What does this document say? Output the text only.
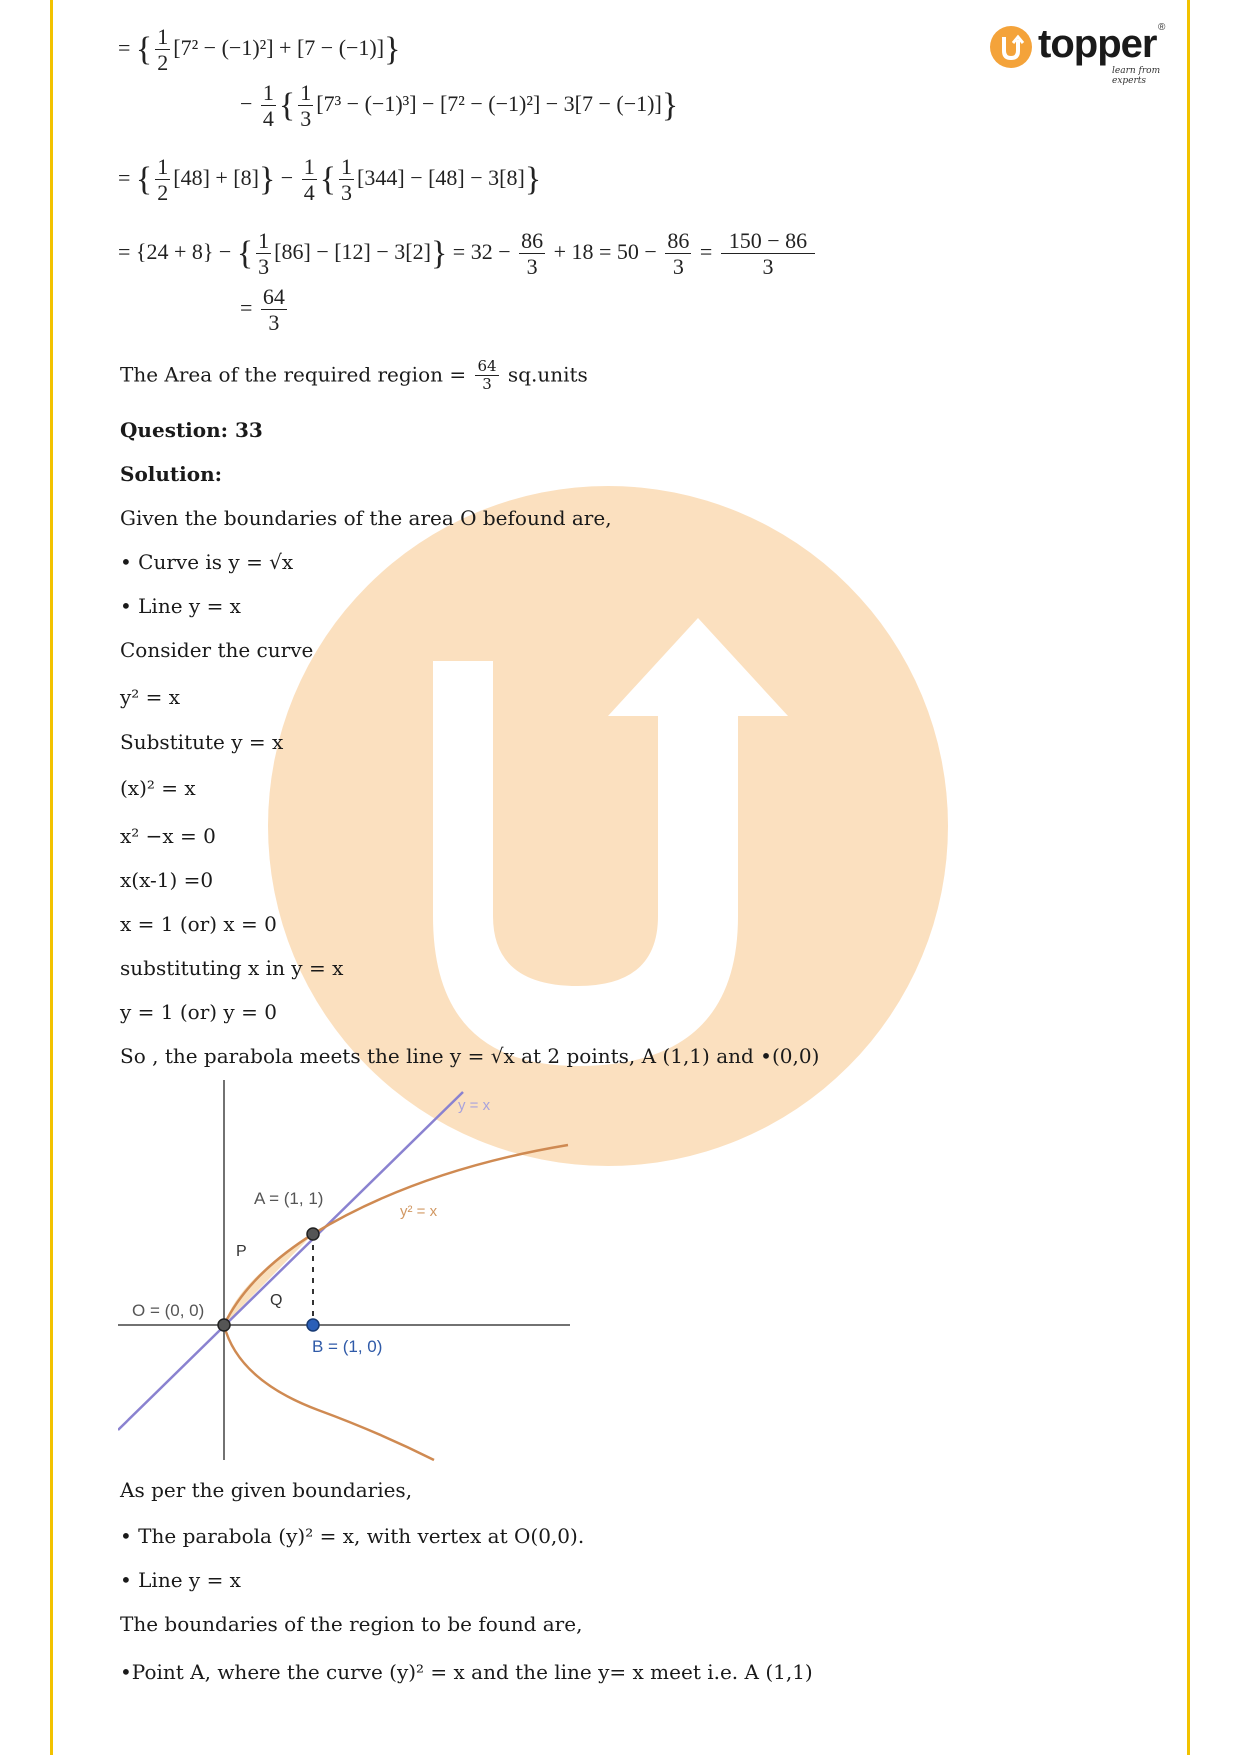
topper
learn from experts
®
= { $\frac{1}{2} [7^2 - (-1)^2] + [7 - (-1)]$}
− $\frac{1}{4}$ { $\frac{1}{3} [7^3 - (-1)^3] - [7^2 - (-1)^2] - 3[7 - (-1)]$}
= { $\frac{1}{2} [48] + [8]\} - \frac{1}{4}$ { $\frac{1}{3} [344] - [48] - 3[8]$}
= {24 + 8} − { $\frac{1}{3} [86] - [12] - 3[2]\} = 32 - \frac{86}{3} + 18 = 50 - \frac{86}{3} = \frac{150 - 86}{3}$
= $\frac{64}{3}$
The Area of the required region = $\frac{64}{3}$ sq.units
Question: 33
Solution:
Given the boundaries of the area O befound are,
• Curve is y = √x
• Line y = x
Consider the curve
y² = x
Substitute y = x
(x)² = x
x² −x = 0
x(x-1) =0
x = 1 (or) x = 0
substituting x in y = x
y = 1 (or) y = 0
So , the parabola meets the line y = √x at 2 points, A (1,1) and •(0,0)
y = x
y² = x
A = (1, 1)
O = (0, 0)
B = (1, 0)
P
Q
As per the given boundaries,
• The parabola (y)² = x, with vertex at O(0,0).
• Line y = x
The boundaries of the region to be found are,
•Point A, where the curve (y)² = x and the line y= x meet i.e. A (1,1)
